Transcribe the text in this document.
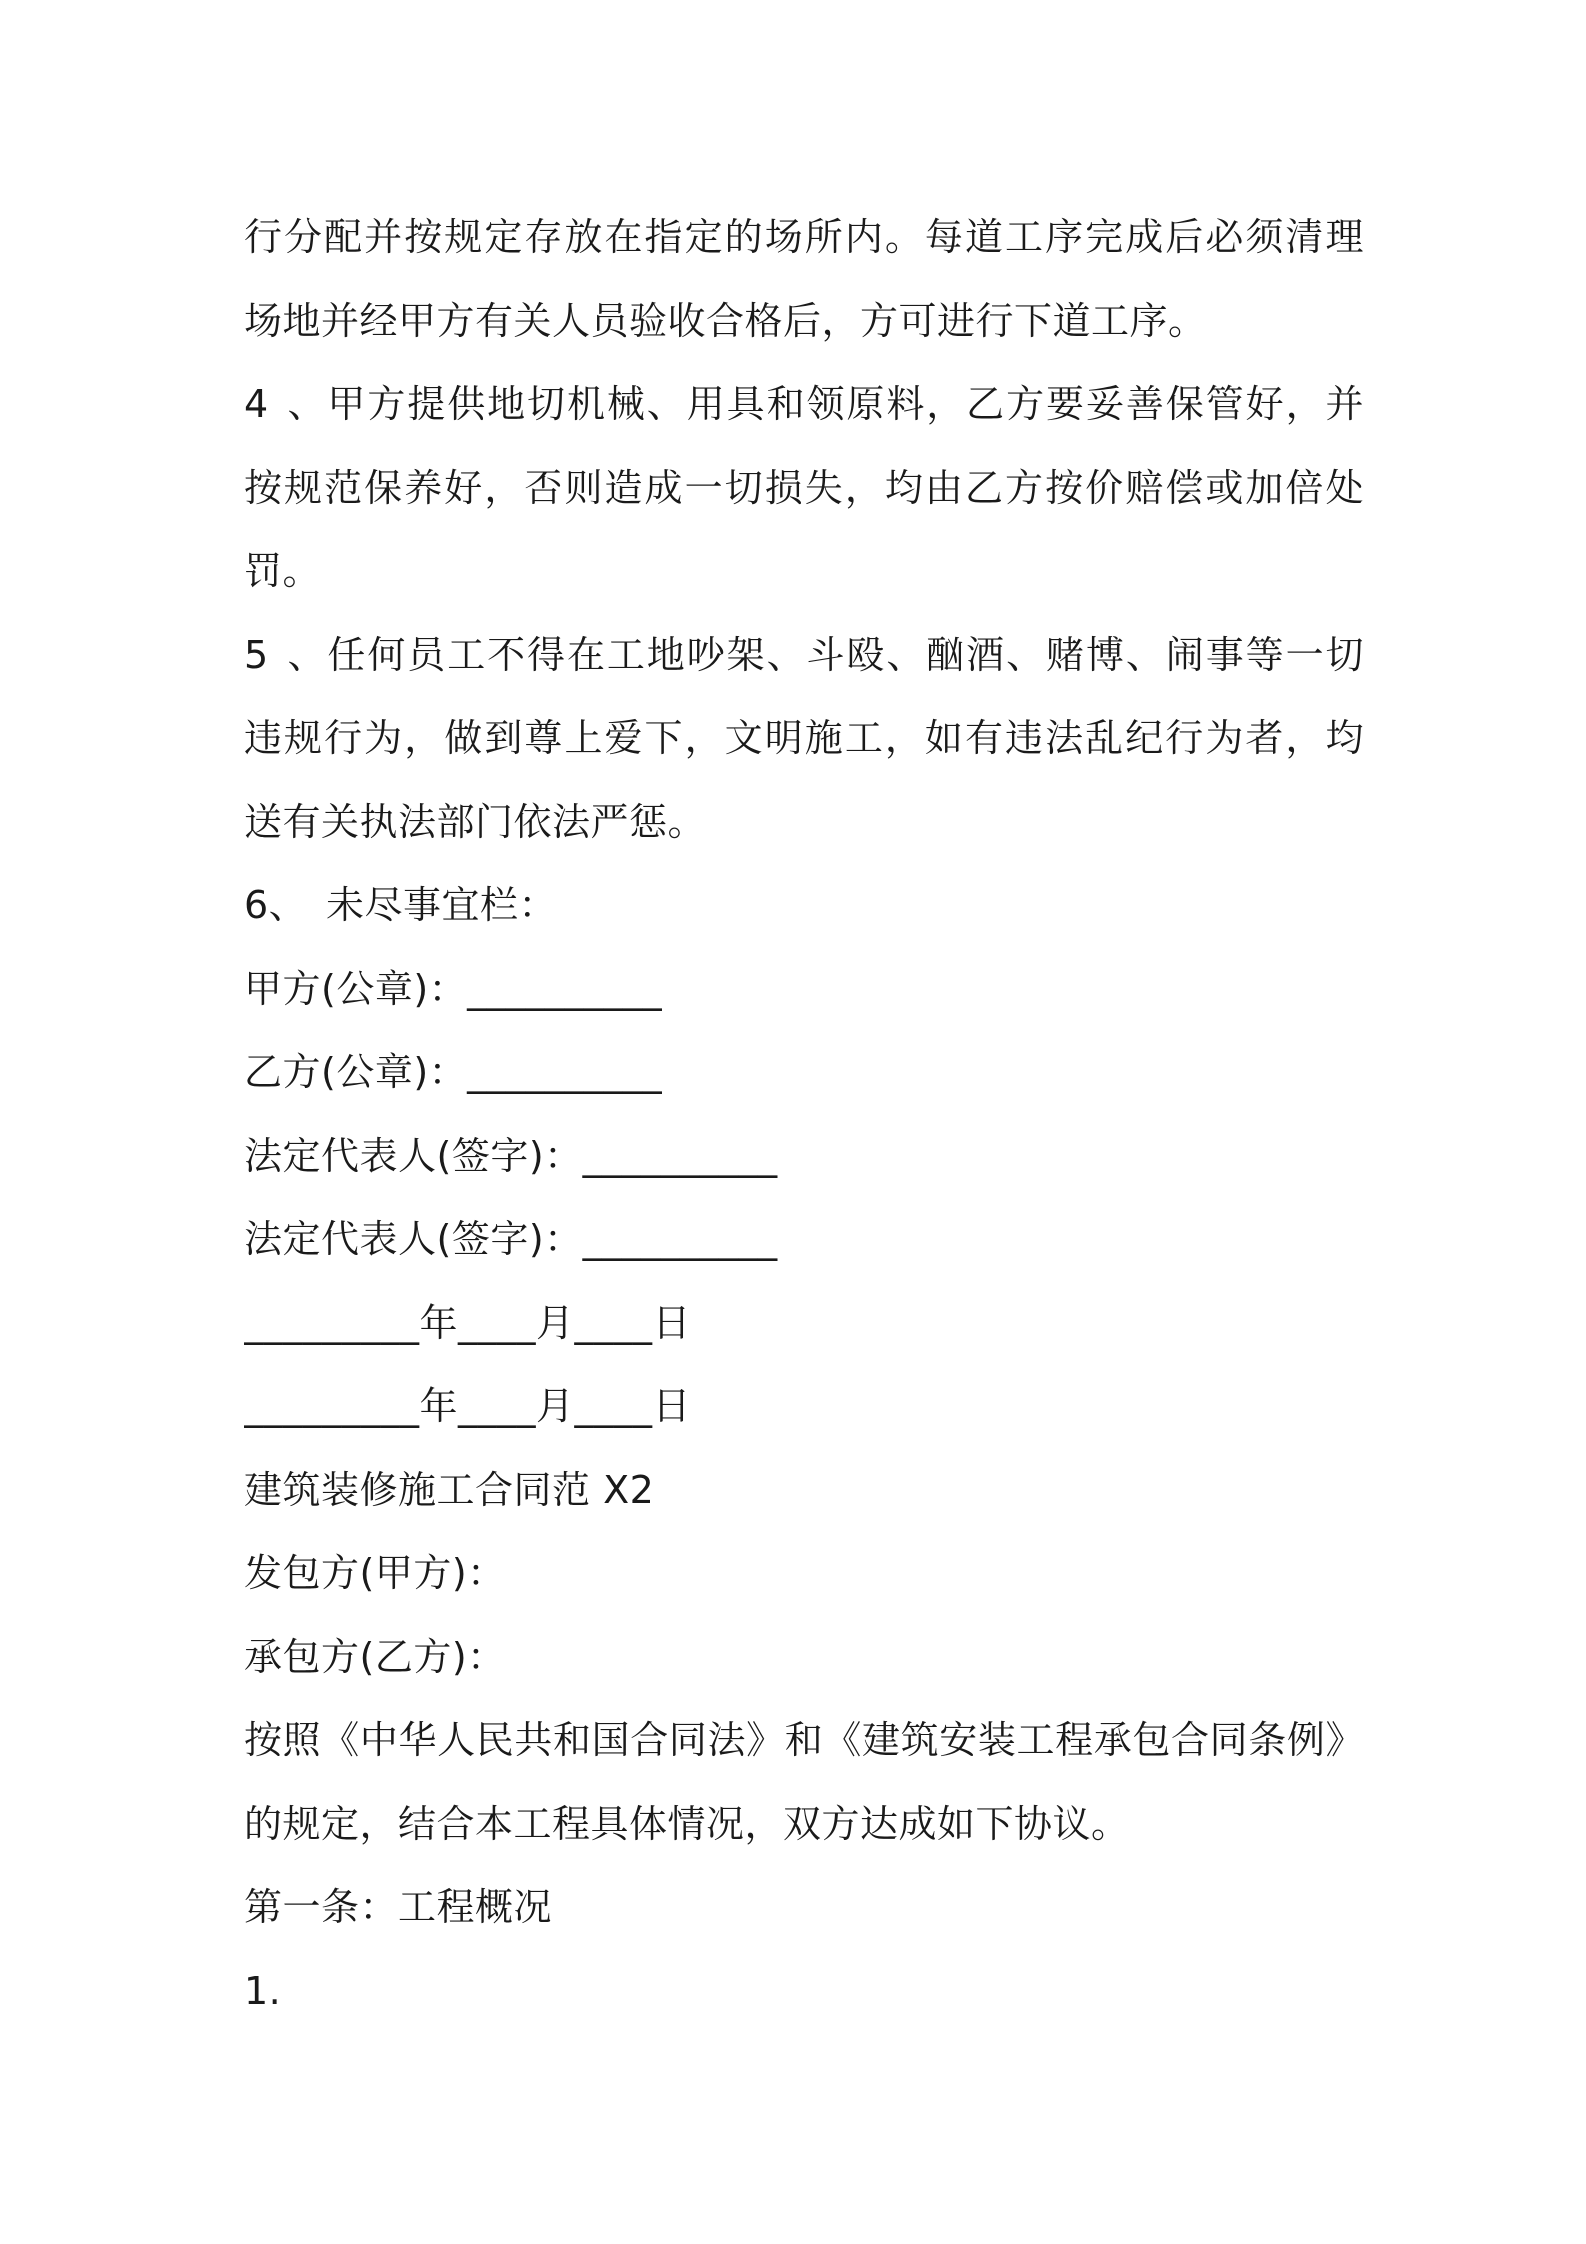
行分配并按规定存放在指定的场所内。每道工序完成后必须清理
场地并经甲方有关人员验收合格后，方可进行下道工序。
4、甲方提供地切机械、用具和领原料，乙方要妥善保管好，并
按规范保养好，否则造成一切损失，均由乙方按价赔偿或加倍处
罚。
5、任何员工不得在工地吵架、斗殴、酗酒、赌博、闹事等一切
违规行为，做到尊上爱下，文明施工，如有违法乱纪行为者，均
送有关执法部门依法严惩。
6、 未尽事宜栏：
甲方(公章)：__________
乙方(公章)：__________
法定代表人(签字)：__________
法定代表人(签字)：__________
_________年____月____日
_________年____月____日
建筑装修施工合同范 X2
发包方(甲方)：
承包方(乙方)：
按照《中华人民共和国合同法》和《建筑安装工程承包合同条例》
的规定，结合本工程具体情况，双方达成如下协议。
第一条：工程概况
1.
